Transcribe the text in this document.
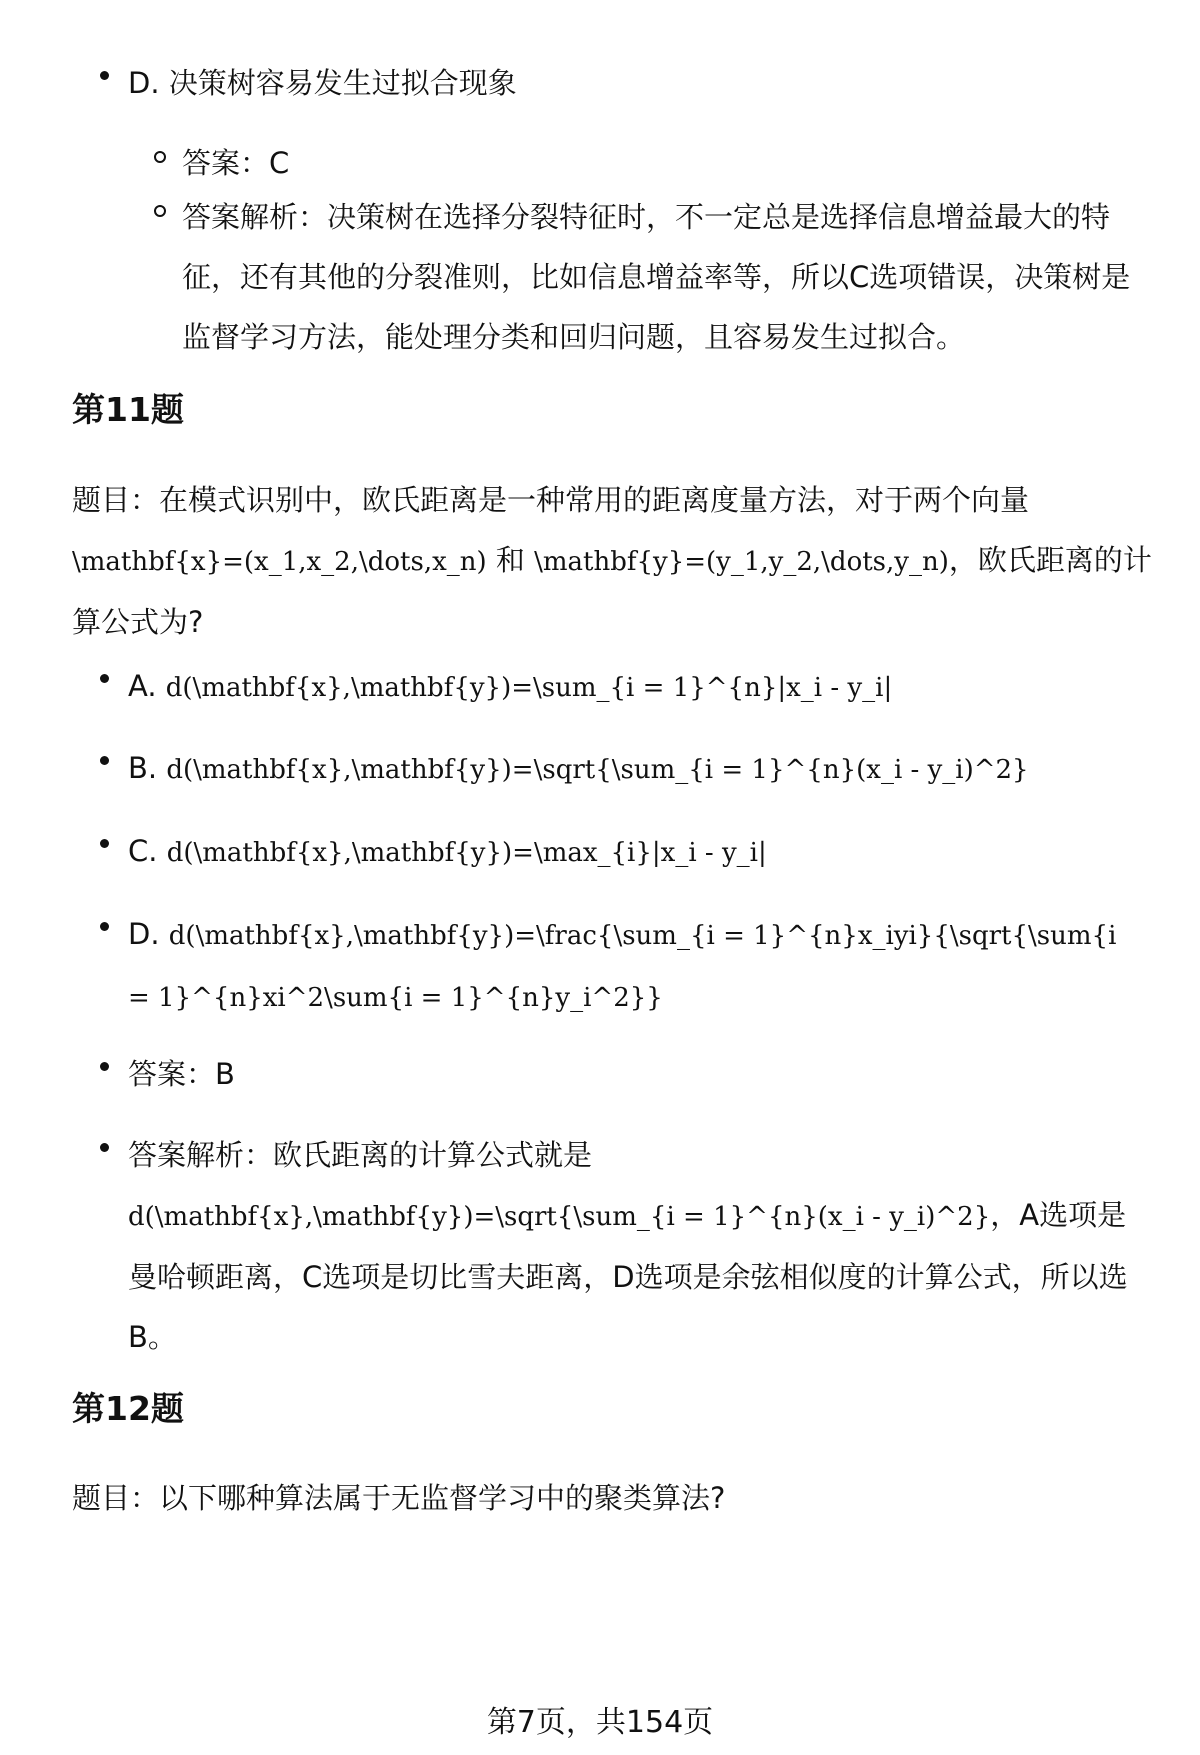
D. 决策树容易发生过拟合现象
答案：C
答案解析：决策树在选择分裂特征时，不一定总是选择信息增益最大的特征，还有其他的分裂准则，比如信息增益率等，所以C选项错误，决策树是监督学习方法，能处理分类和回归问题，且容易发生过拟合。
第11题
题目：在模式识别中，欧氏距离是一种常用的距离度量方法，对于两个向量 \mathbf{x}=(x_1,x_2,\dots,x_n) 和 \mathbf{y}=(y_1,y_2,\dots,y_n)，欧氏距离的计算公式为?
A. d(\mathbf{x},\mathbf{y})=\sum_{i = 1}^{n}|x_i - y_i|
B. d(\mathbf{x},\mathbf{y})=\sqrt{\sum_{i = 1}^{n}(x_i - y_i)^2}
C. d(\mathbf{x},\mathbf{y})=\max_{i}|x_i - y_i|
D. d(\mathbf{x},\mathbf{y})=\frac{\sum_{i = 1}^{n}x_iyi}{\sqrt{\sum{i = 1}^{n}xi^2\sum{i = 1}^{n}y_i^2}}
答案：B
答案解析：欧氏距离的计算公式就是 d(\mathbf{x},\mathbf{y})=\sqrt{\sum_{i = 1}^{n}(x_i - y_i)^2}，A选项是曼哈顿距离，C选项是切比雪夫距离，D选项是余弦相似度的计算公式，所以选B。
第12题
题目：以下哪种算法属于无监督学习中的聚类算法?
第7页，共154页
